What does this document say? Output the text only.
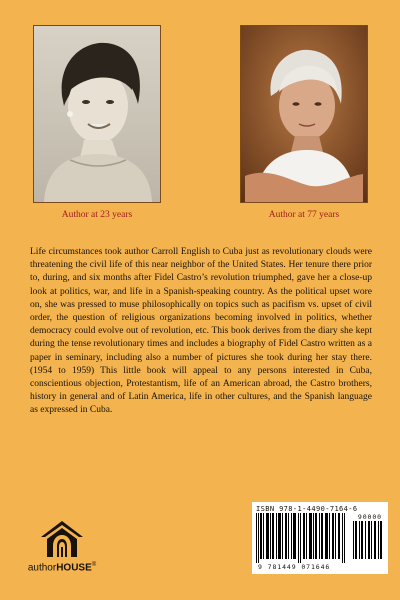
Author at 23 years	Author at 77 years

Life circumstances took author Carroll English to Cuba just as revolutionary clouds were threatening the civil life of this near neighbor of the United States. Her tenure there prior to, during, and six months after Fidel Castro’s revolution triumphed, gave her a close-up look at politics, war, and life in a Spanish-speaking country. As the political upset wore on, she was pressed to muse philosophically on topics such as pacifism vs. upset of civil order, the question of religious organizations becoming involved in politics, whether democracy could evolve out of revolution, etc. This book derives from the diary she kept during the tense revolutionary times and includes a biography of Fidel Castro written as a paper in seminary, including also a number of pictures she took during her stay there. (1954 to 1959) This little book will appeal to any persons interested in Cuba, conscientious objection, Protestantism, life of an American abroad, the Castro brothers, history in general and of Latin America, life in other cultures, and the Spanish language as expressed in Cuba.

authorHOUSE®
ISBN 978-1-4490-7164-6
90000
9 781449 071646
